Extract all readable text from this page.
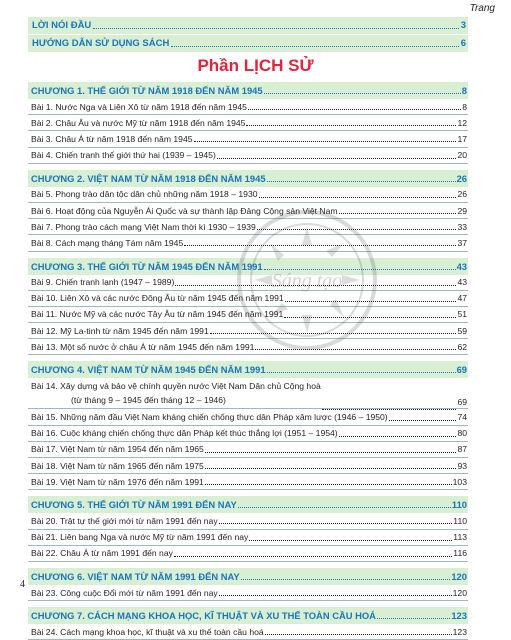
Trang
LỜI NÓI ĐẦU	3
HƯỚNG DẪN SỬ DỤNG SÁCH	6
Phần LỊCH SỬ
CHƯƠNG 1. THẾ GIỚI TỪ NĂM 1918 ĐẾN NĂM 1945	8
Bài 1. Nước Nga và Liên Xô từ năm 1918 đến năm 1945	8
Bài 2. Châu Âu và nước Mỹ từ năm 1918 đến năm 1945	12
Bài 3. Châu Á từ năm 1918 đến năm 1945	17
Bài 4. Chiến tranh thế giới thứ hai (1939 – 1945)	20
CHƯƠNG 2. VIỆT NAM TỪ NĂM 1918 ĐẾN NĂM 1945	26
Bài 5. Phong trào dân tộc dân chủ những năm 1918 – 1930	26
Bài 6. Hoạt động của Nguyễn Ái Quốc và sự thành lập Đảng Cộng sản Việt Nam	29
Bài 7. Phong trào cách mạng Việt Nam thời kì 1930 – 1939	33
Bài 8. Cách mạng tháng Tám năm 1945	37
CHƯƠNG 3. THẾ GIỚI TỪ NĂM 1945 ĐẾN NĂM 1991	43
Bài 9. Chiến tranh lạnh (1947 – 1989)	43
Bài 10. Liên Xô và các nước Đông Âu từ năm 1945 đến năm 1991	47
Bài 11. Nước Mỹ và các nước Tây Âu từ năm 1945 đến năm 1991	51
Bài 12. Mỹ La-tinh từ năm 1945 đến năm 1991	59
Bài 13. Một số nước ở châu Á từ năm 1945 đến năm 1991	62
CHƯƠNG 4. VIỆT NAM TỪ NĂM 1945 ĐẾN NĂM 1991	69
Bài 14. Xây dựng và bảo vệ chính quyền nước Việt Nam Dân chủ Cộng hoà
(từ tháng 9 – 1945 đến tháng 12 – 1946)	69
Bài 15. Những năm đầu Việt Nam kháng chiến chống thực dân Pháp xâm lược (1946 – 1950)	74
Bài 16. Cuộc kháng chiến chống thực dân Pháp kết thúc thắng lợi (1951 – 1954)	80
Bài 17. Việt Nam từ năm 1954 đến năm 1965	87
Bài 18. Việt Nam từ năm 1965 đến năm 1975	93
Bài 19. Việt Nam từ năm 1976 đến năm 1991	103
CHƯƠNG 5. THẾ GIỚI TỪ NĂM 1991 ĐẾN NAY	110
Bài 20. Trật tự thế giới mới từ năm 1991 đến nay	110
Bài 21. Liên bang Nga và nước Mỹ từ năm 1991 đến nay	113
Bài 22. Châu Á từ năm 1991 đến nay	116
CHƯƠNG 6. VIỆT NAM TỪ NĂM 1991 ĐẾN NAY	120
Bài 23. Công cuộc Đổi mới từ năm 1991 đến nay	120
CHƯƠNG 7. CÁCH MẠNG KHOA HỌC, KĨ THUẬT VÀ XU THẾ TOÀN CẦU HOÁ	123
Bài 24. Cách mạng khoa học, kĩ thuật và xu thế toàn cầu hoá	123
Sáng tạo
4
